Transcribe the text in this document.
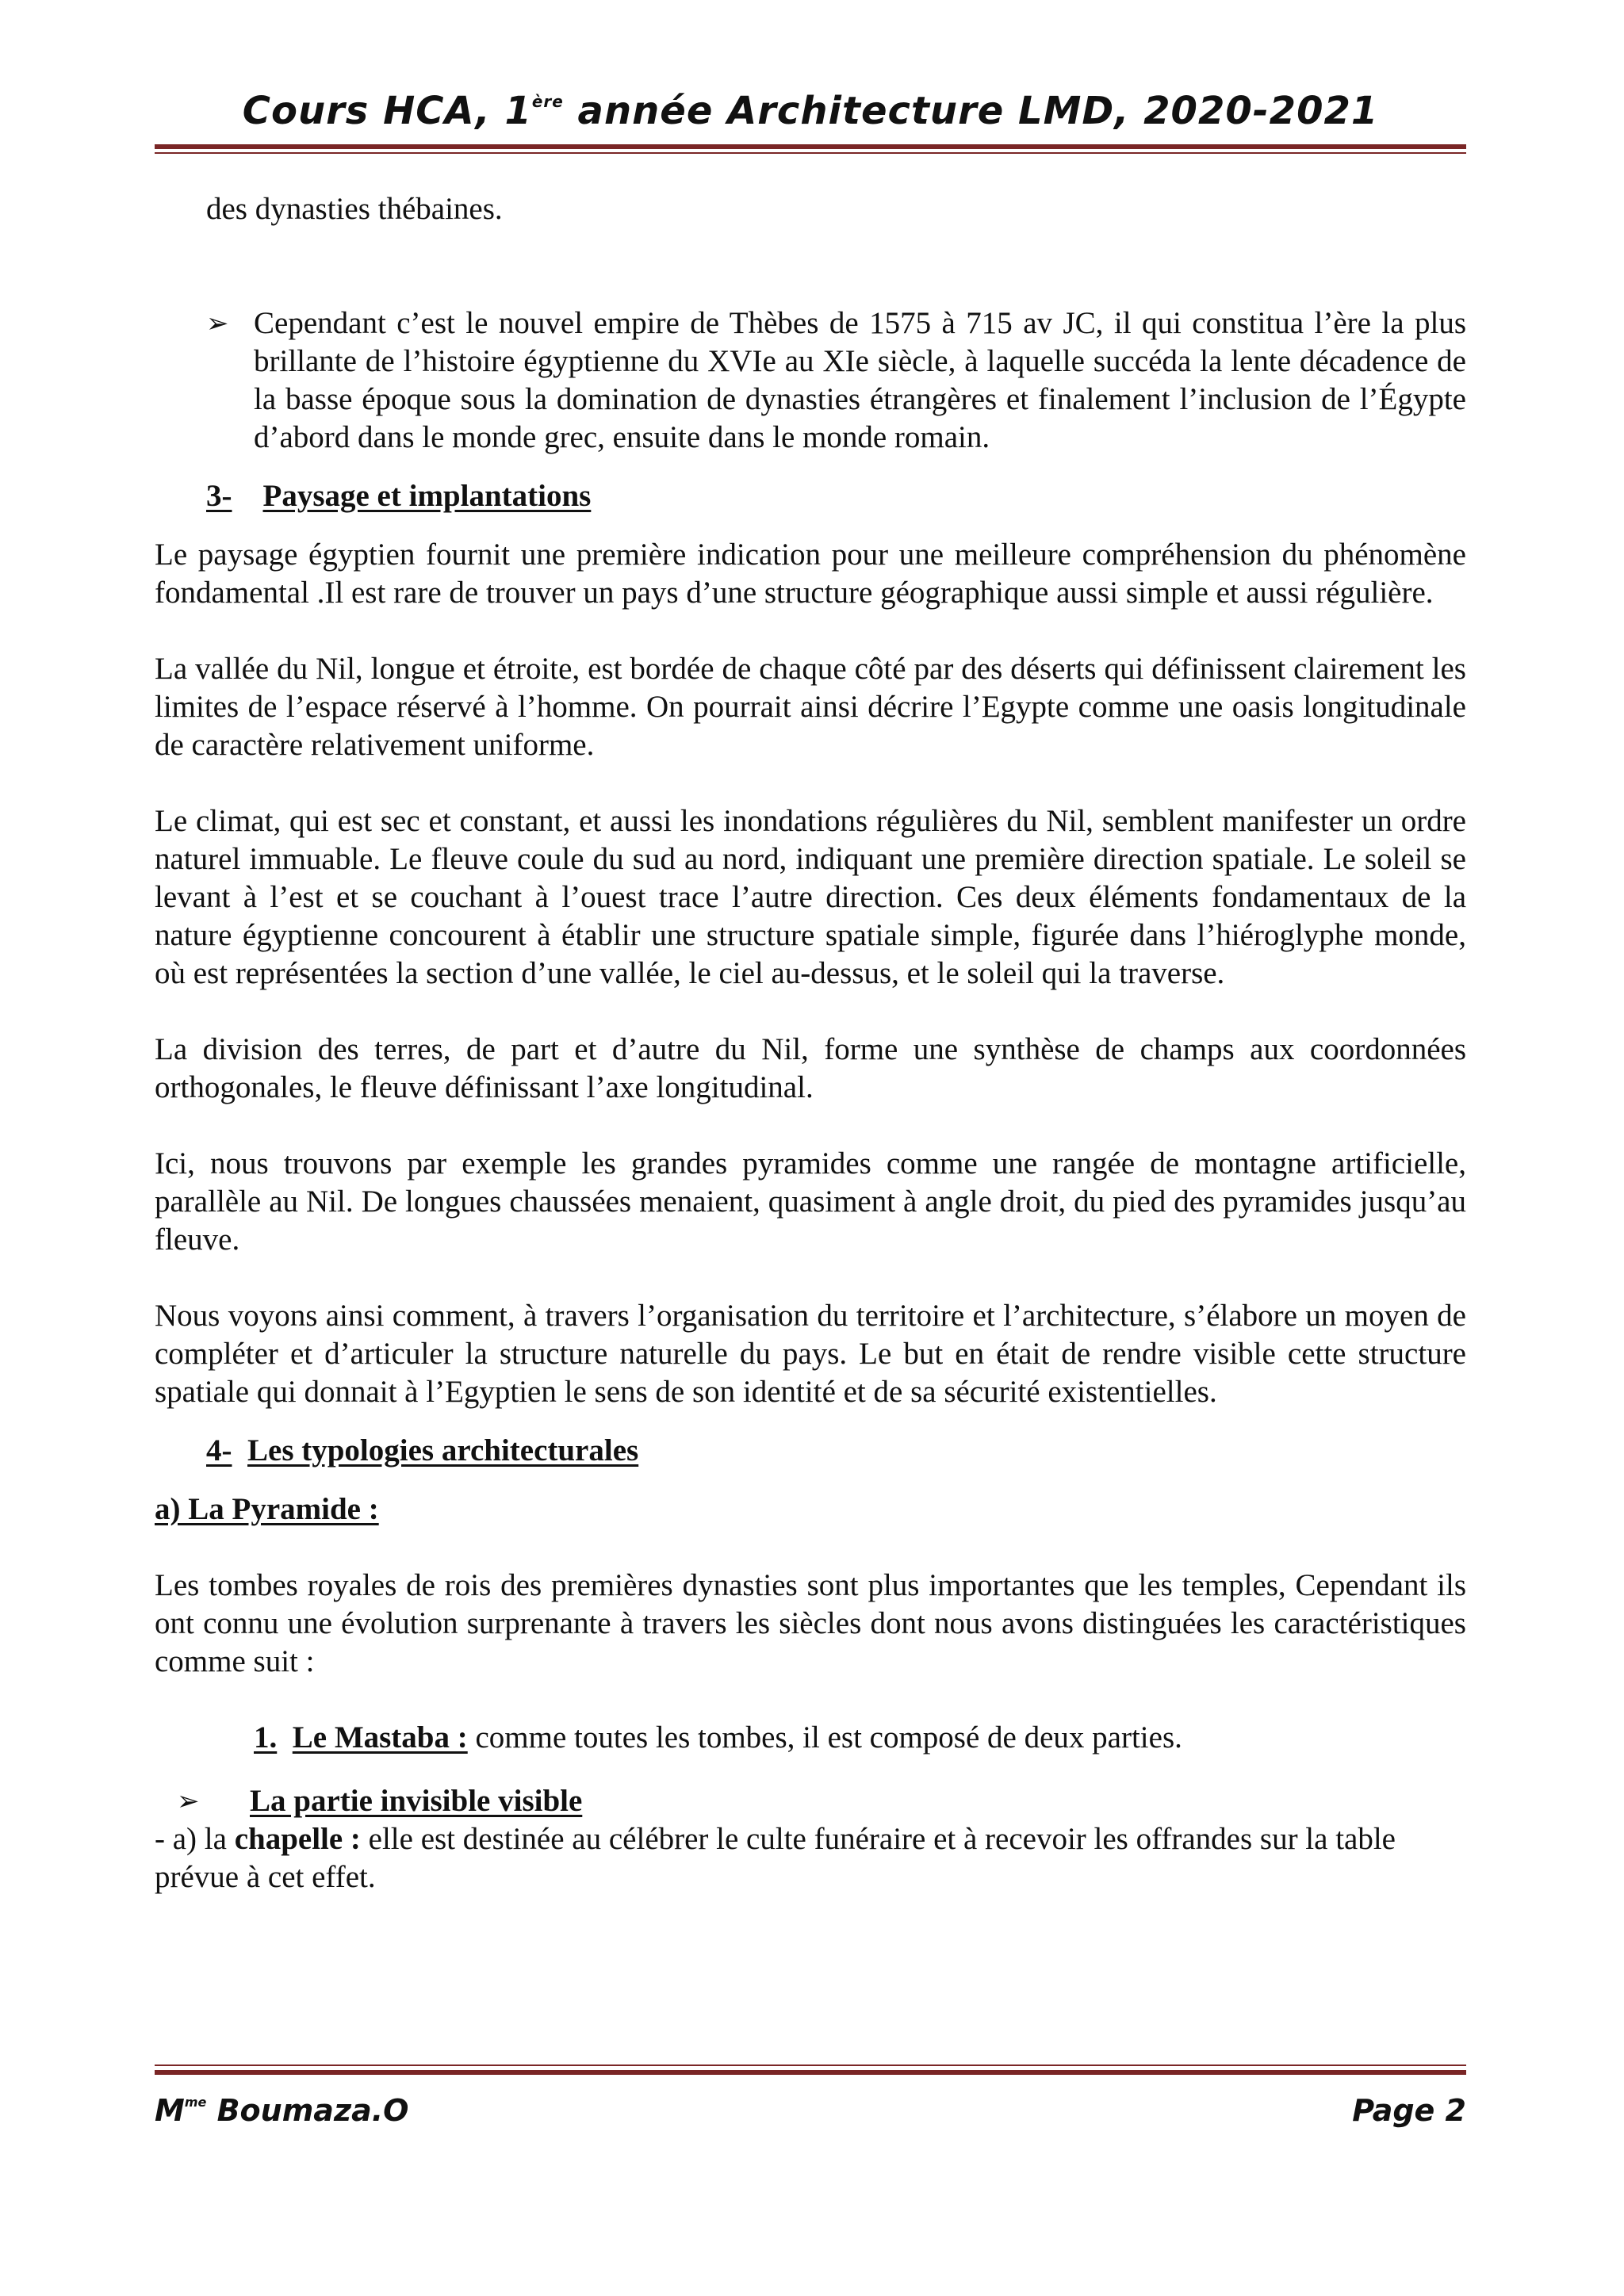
Cours HCA, 1ère année Architecture LMD, 2020-2021

des dynasties thébaines.

➢ Cependant c’est le nouvel empire de Thèbes de 1575 à 715 av JC, il qui constitua l’ère la plus brillante de l’histoire égyptienne du XVIe au XIe siècle, à laquelle succéda la lente décadence de la basse époque sous la domination de dynasties étrangères et finalement l’inclusion de l’Égypte d’abord dans le monde grec, ensuite dans le monde romain.

3- Paysage et implantations

Le paysage égyptien fournit une première indication pour une meilleure compréhension du phénomène fondamental .Il est rare de trouver un pays d’une structure géographique aussi simple et aussi régulière.

La vallée du Nil, longue et étroite, est bordée de chaque côté par des déserts qui définissent clairement les limites de l’espace réservé à l’homme. On pourrait ainsi décrire l’Egypte comme une oasis longitudinale de caractère relativement uniforme.

Le climat, qui est sec et constant, et aussi les inondations régulières du Nil, semblent manifester un ordre naturel immuable. Le fleuve coule du sud au nord, indiquant une première direction spatiale. Le soleil se levant à l’est et se couchant à l’ouest trace l’autre direction. Ces deux éléments fondamentaux de la nature égyptienne concourent à établir une structure spatiale simple, figurée dans l’hiéroglyphe monde, où est représentées la section d’une vallée, le ciel au-dessus, et le soleil qui la traverse.

La division des terres, de part et d’autre du Nil, forme une synthèse de champs aux coordonnées orthogonales, le fleuve définissant l’axe longitudinal.

Ici, nous trouvons par exemple les grandes pyramides comme une rangée de montagne artificielle, parallèle au Nil. De longues chaussées menaient, quasiment à angle droit, du pied des pyramides jusqu’au fleuve.

Nous voyons ainsi comment, à travers l’organisation du territoire et l’architecture, s’élabore un moyen de compléter et d’articuler la structure naturelle du pays. Le but en était de rendre visible cette structure spatiale qui donnait à l’Egyptien le sens de son identité et de sa sécurité existentielles.

4- Les typologies architecturales

a) La Pyramide :

Les tombes royales de rois des premières dynasties sont plus importantes que les temples, Cependant ils ont connu une évolution surprenante à travers les siècles dont nous avons distinguées les caractéristiques comme suit :

1. Le Mastaba : comme toutes les tombes, il est composé de deux parties.

➢ La partie invisible visible

- a) la chapelle : elle est destinée au célébrer le culte funéraire et à recevoir les offrandes sur la table prévue à cet effet.

$M^{me}$ Boumaza.O	Page 2
